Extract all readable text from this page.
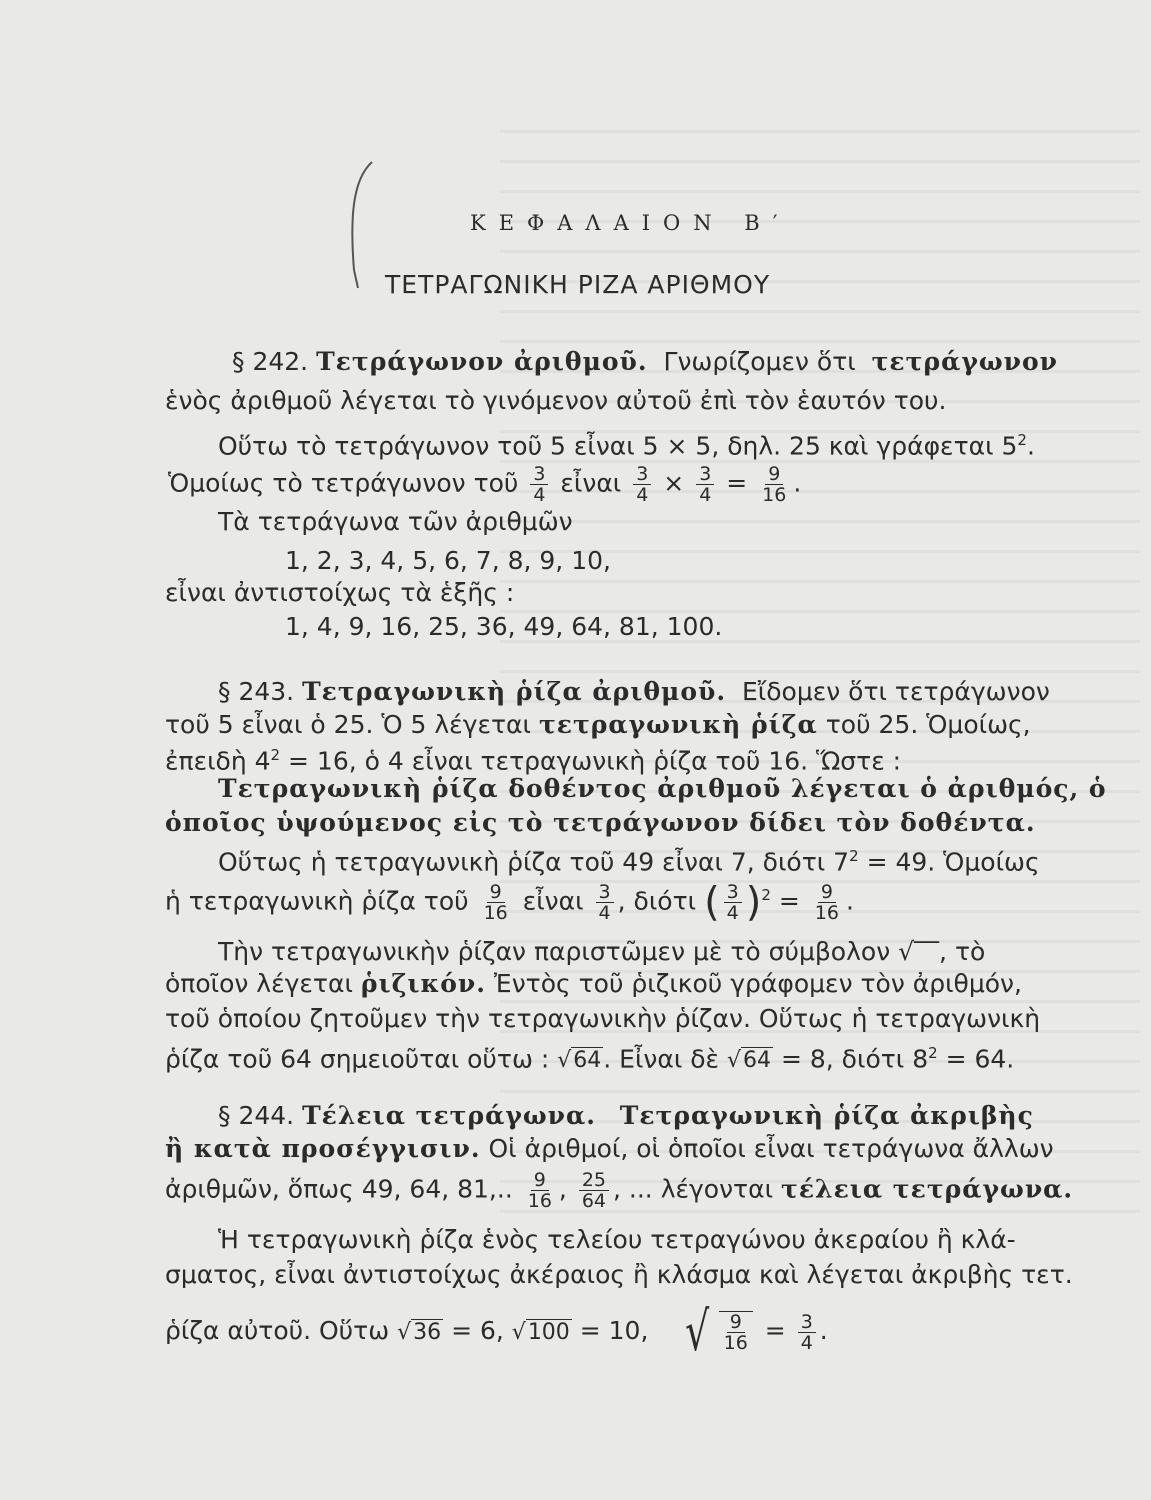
ΚΕΦΑΛΑΙΟΝ Β′
ΤΕΤΡΑΓΩΝΙΚΗ ΡΙΖΑ ΑΡΙΘΜΟΥ
§ 242. Τετράγωνον ἀριθμοῦ. Γνωρίζομεν ὅτι τετράγωνον
ἑνὸς ἀριθμοῦ λέγεται τὸ γινόμενον αὐτοῦ ἐπὶ τὸν ἑαυτόν του.
Οὕτω τὸ τετράγωνον τοῦ 5 εἶναι 5 × 5, δηλ. 25 καὶ γράφεται $5^2$.
Ὁμοίως τὸ τετράγωνον τοῦ $\frac{3}{4}$ εἶναι $\frac{3}{4} \times \frac{3}{4} = \frac{9}{16}$ .
Τὰ τετράγωνα τῶν ἀριθμῶν
1, 2, 3, 4, 5, 6, 7, 8, 9, 10,
εἶναι ἀντιστοίχως τὰ ἑξῆς :
1, 4, 9, 16, 25, 36, 49, 64, 81, 100.
§ 243. Τετραγωνικὴ ῥίζα ἀριθμοῦ. Εἴδομεν ὅτι τετράγωνον
τοῦ 5 εἶναι ὁ 25. Ὁ 5 λέγεται τετραγωνικὴ ῥίζα τοῦ 25. Ὁμοίως,
ἐπειδὴ $4^2 = 16$, ὁ 4 εἶναι τετραγωνικὴ ῥίζα τοῦ 16. Ὥστε :
Τετραγωνικὴ ῥίζα δοθέντος ἀριθμοῦ λέγεται ὁ ἀριθμός, ὁ
ὁποῖος ὑψούμενος εἰς τὸ τετράγωνον δίδει τὸν δοθέντα.
Οὕτως ἡ τετραγωνικὴ ῥίζα τοῦ 49 εἶναι 7, διότι $7^2 = 49$. Ὁμοίως
ἡ τετραγωνικὴ ῥίζα τοῦ $\frac{9}{16}$ εἶναι $\frac{3}{4}$ , διότι ( $\frac{3}{4} )^2 = \frac{9}{16}$ .
Τὴν τετραγωνικὴν ῥίζαν παριστῶμεν μὲ τὸ σύμβολον √‾‾, τὸ
ὁποῖον λέγεται ῥιζικόν. Ἐντὸς τοῦ ῥιζικοῦ γράφομεν τὸν ἀριθμόν,
τοῦ ὁποίου ζητοῦμεν τὴν τετραγωνικὴν ῥίζαν. Οὕτως ἡ τετραγωνικὴ
ῥίζα τοῦ 64 σημειοῦται οὕτω : √64. Εἶναι δὲ √64 = 8, διότι $8^2 = 64$.
§ 244. Τέλεια τετράγωνα. Τετραγωνικὴ ῥίζα ἀκριβὴς
ἢ κατὰ προσέγγισιν. Οἱ ἀριθμοί, οἱ ὁποῖοι εἶναι τετράγωνα ἄλλων
ἀριθμῶν, ὅπως 49, 64, 81,.. $\frac{9}{16}$ , $\frac{25}{64}$ , ... λέγονται τέλεια τετράγωνα.
Ἡ τετραγωνικὴ ῥίζα ἑνὸς τελείου τετραγώνου ἀκεραίου ἢ κλά-
σματος, εἶναι ἀντιστοίχως ἀκέραιος ἢ κλάσμα καὶ λέγεται ἀκριβὴς τετ.
ῥίζα αὐτοῦ. Οὕτω √36 = 6, √100 = 10, √ $\frac{9}{16} = \frac{3}{4}$ .
